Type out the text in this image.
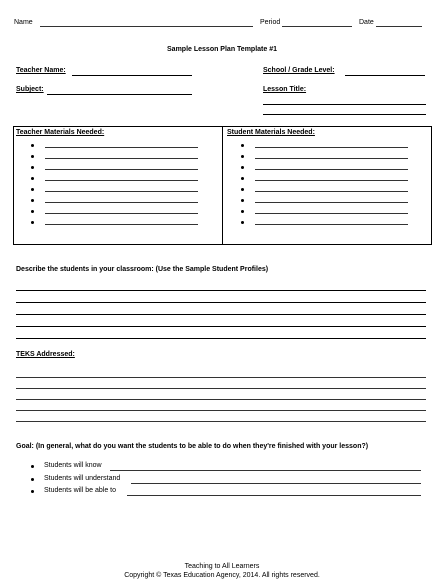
Name	Period	Date
Sample Lesson Plan Template #1
Teacher Name:	School / Grade Level:
Subject:	Lesson Title:
Teacher Materials Needed:	Student Materials Needed:
Describe the students in your classroom: (Use the Sample Student Profiles)
TEKS Addressed:
Goal: (In general, what do you want the students to be able to do when they're finished with your lesson?)
Students will know
Students will understand
Students will be able to
Teaching to All Learners
Copyright © Texas Education Agency, 2014. All rights reserved.
